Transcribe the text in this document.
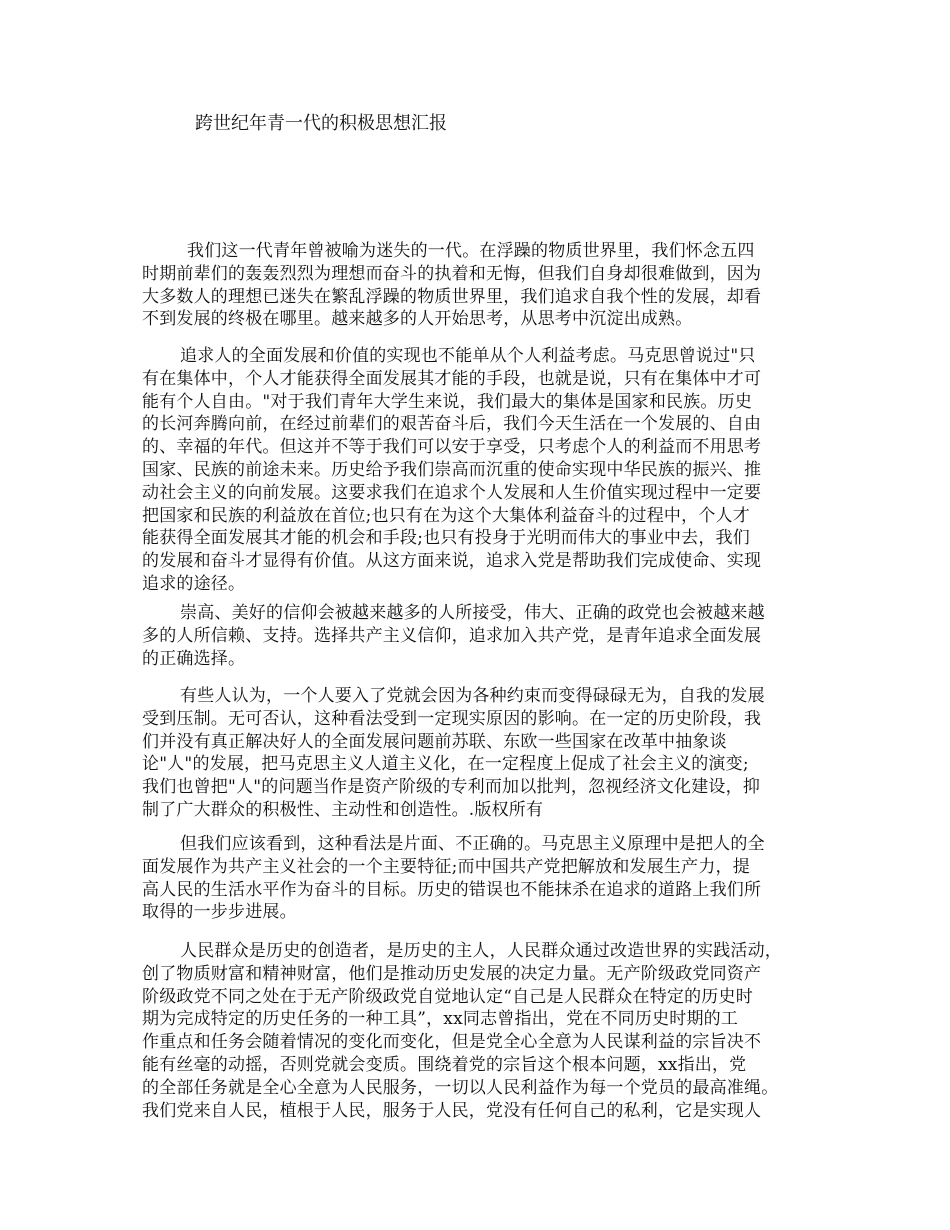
跨世纪年青一代的积极思想汇报
我们这一代青年曾被喻为迷失的一代。在浮躁的物质世界里，我们怀念五四
时期前辈们的轰轰烈烈为理想而奋斗的执着和无悔，但我们自身却很难做到，因为
大多数人的理想已迷失在繁乱浮躁的物质世界里，我们追求自我个性的发展，却看
不到发展的终极在哪里。越来越多的人开始思考，从思考中沉淀出成熟。
追求人的全面发展和价值的实现也不能单从个人利益考虑。马克思曾说过"只
有在集体中，个人才能获得全面发展其才能的手段，也就是说，只有在集体中才可
能有个人自由。"对于我们青年大学生来说，我们最大的集体是国家和民族。历史
的长河奔腾向前，在经过前辈们的艰苦奋斗后，我们今天生活在一个发展的、自由
的、幸福的年代。但这并不等于我们可以安于享受，只考虑个人的利益而不用思考
国家、民族的前途未来。历史给予我们崇高而沉重的使命实现中华民族的振兴、推
动社会主义的向前发展。这要求我们在追求个人发展和人生价值实现过程中一定要
把国家和民族的利益放在首位;也只有在为这个大集体利益奋斗的过程中，个人才
能获得全面发展其才能的机会和手段;也只有投身于光明而伟大的事业中去，我们
的发展和奋斗才显得有价值。从这方面来说，追求入党是帮助我们完成使命、实现
追求的途径。
崇高、美好的信仰会被越来越多的人所接受，伟大、正确的政党也会被越来越
多的人所信赖、支持。选择共产主义信仰，追求加入共产党，是青年追求全面发展
的正确选择。
有些人认为，一个人要入了党就会因为各种约束而变得碌碌无为，自我的发展
受到压制。无可否认，这种看法受到一定现实原因的影响。在一定的历史阶段，我
们并没有真正解决好人的全面发展问题前苏联、东欧一些国家在改革中抽象谈
论"人"的发展，把马克思主义人道主义化，在一定程度上促成了社会主义的演变;
我们也曾把"人"的问题当作是资产阶级的专利而加以批判，忽视经济文化建设，抑
制了广大群众的积极性、主动性和创造性。.版权所有
但我们应该看到，这种看法是片面、不正确的。马克思主义原理中是把人的全
面发展作为共产主义社会的一个主要特征;而中国共产党把解放和发展生产力，提
高人民的生活水平作为奋斗的目标。历史的错误也不能抹杀在追求的道路上我们所
取得的一步步进展。
人民群众是历史的创造者，是历史的主人，人民群众通过改造世界的实践活动，
创了物质财富和精神财富，他们是推动历史发展的决定力量。无产阶级政党同资产
阶级政党不同之处在于无产阶级政党自觉地认定“自己是人民群众在特定的历史时
期为完成特定的历史任务的一种工具”，xx同志曾指出，党在不同历史时期的工
作重点和任务会随着情况的变化而变化，但是党全心全意为人民谋利益的宗旨决不
能有丝毫的动摇，否则党就会变质。围绕着党的宗旨这个根本问题，xx指出，党
的全部任务就是全心全意为人民服务，一切以人民利益作为每一个党员的最高准绳。
我们党来自人民，植根于人民，服务于人民，党没有任何自己的私利，它是实现人
